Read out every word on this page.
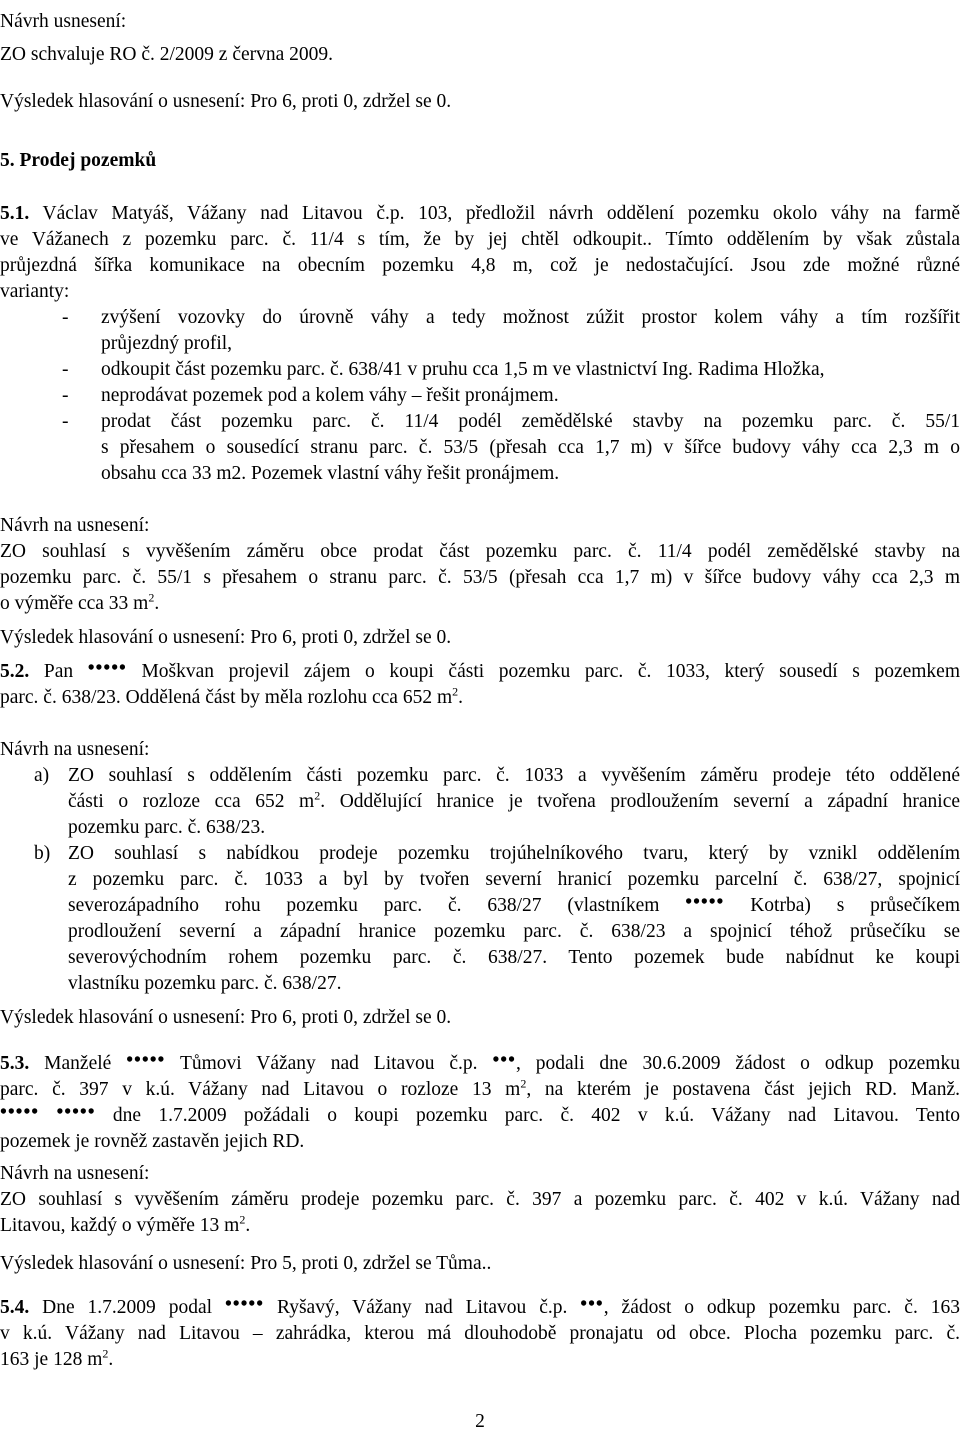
Návrh usnesení:
ZO schvaluje RO č. 2/2009 z června 2009.
Výsledek hlasování o usnesení: Pro 6, proti 0, zdržel se 0.
5. Prodej pozemků
5.1. Václav Matyáš, Vážany nad Litavou č.p. 103, předložil návrh oddělení pozemku okolo váhy na farmě
ve Vážanech z pozemku parc. č. 11/4 s tím, že by jej chtěl odkoupit.. Tímto oddělením by však zůstala
průjezdná šířka komunikace na obecním pozemku 4,8 m, což je nedostačující. Jsou zde možné různé
varianty:
zvýšení vozovky do úrovně váhy a tedy možnost zúžit prostor kolem váhy a tím rozšířit
-
průjezdný profil,
odkoupit část pozemku parc. č. 638/41 v pruhu cca 1,5 m ve vlastnictví Ing. Radima Hložka,
-
neprodávat pozemek pod a kolem váhy – řešit pronájmem.
-
prodat část pozemku parc. č. 11/4 podél zemědělské stavby na pozemku parc. č. 55/1
-
s přesahem o sousedící stranu parc. č. 53/5 (přesah cca 1,7 m) v šířce budovy váhy cca 2,3 m o
obsahu cca 33 m2. Pozemek vlastní váhy řešit pronájmem.
Návrh na usnesení:
ZO souhlasí s vyvěšením záměru obce prodat část pozemku parc. č. 11/4 podél zemědělské stavby na
pozemku parc. č. 55/1 s přesahem o stranu parc. č. 53/5 (přesah cca 1,7 m) v šířce budovy váhy cca 2,3 m
o výměře cca 33 $m^2$.
Výsledek hlasování o usnesení: Pro 6, proti 0, zdržel se 0.
5.2. Pan ••••• Moškvan projevil zájem o koupi části pozemku parc. č. 1033, který sousedí s pozemkem
parc. č. 638/23. Oddělená část by měla rozlohu cca 652 $m^2$.
Návrh na usnesení:
ZO souhlasí s oddělením části pozemku parc. č. 1033 a vyvěšením záměru prodeje této oddělené
a)
části o rozloze cca 652 $m^2$. Oddělující hranice je tvořena prodloužením severní a západní hranice
pozemku parc. č. 638/23.
ZO souhlasí s nabídkou prodeje pozemku trojúhelníkového tvaru, který by vznikl oddělením
b)
z pozemku parc. č. 1033 a byl by tvořen severní hranicí pozemku parcelní č. 638/27, spojnicí
severozápadního rohu pozemku parc. č. 638/27 (vlastníkem ••••• Kotrba) s průsečíkem
prodloužení severní a západní hranice pozemku parc. č. 638/23 a spojnicí téhož průsečíku se
severovýchodním rohem pozemku parc. č. 638/27. Tento pozemek bude nabídnut ke koupi
vlastníku pozemku parc. č. 638/27.
Výsledek hlasování o usnesení: Pro 6, proti 0, zdržel se 0.
5.3. Manželé ••••• Tůmovi Vážany nad Litavou č.p. •••, podali dne 30.6.2009 žádost o odkup pozemku
parc. č. 397 v k.ú. Vážany nad Litavou o rozloze 13 $m^2$, na kterém je postavena část jejich RD. Manž.
••••• ••••• dne 1.7.2009 požádali o koupi pozemku parc. č. 402 v k.ú. Vážany nad Litavou. Tento
pozemek je rovněž zastavěn jejich RD.
Návrh na usnesení:
ZO souhlasí s vyvěšením záměru prodeje pozemku parc. č. 397 a pozemku parc. č. 402 v k.ú. Vážany nad
Litavou, každý o výměře 13 $m^2$.
Výsledek hlasování o usnesení: Pro 5, proti 0, zdržel se Tůma..
5.4. Dne 1.7.2009 podal ••••• Ryšavý, Vážany nad Litavou č.p. •••, žádost o odkup pozemku parc. č. 163
v k.ú. Vážany nad Litavou – zahrádka, kterou má dlouhodobě pronajatu od obce. Plocha pozemku parc. č.
163 je 128 $m^2$.
2
